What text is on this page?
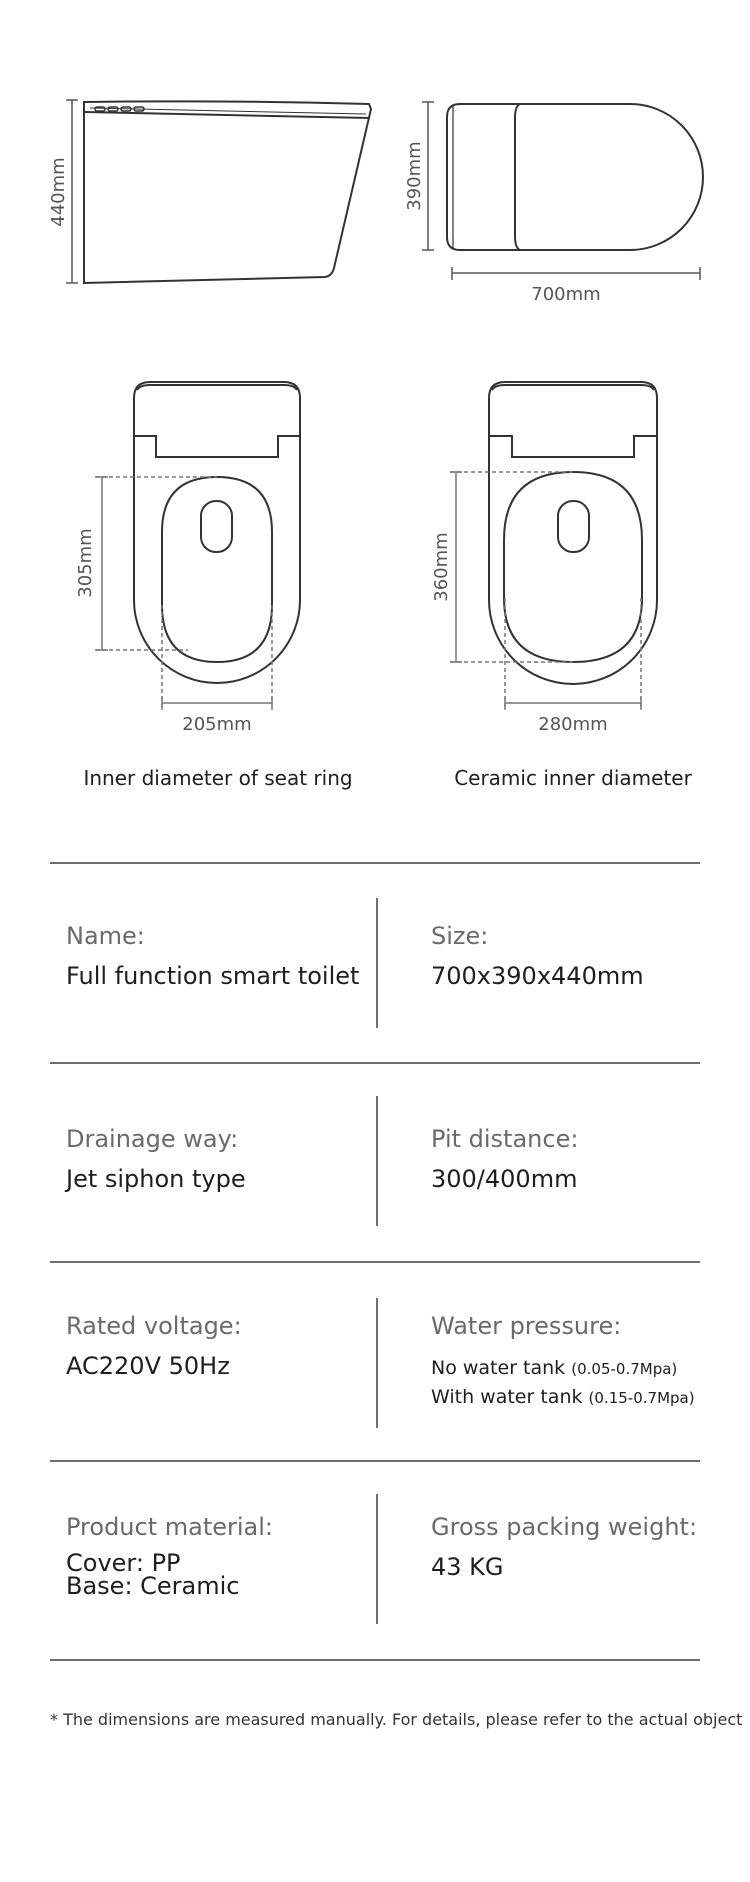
440mm	390mm
700mm
305mm
205mm
360mm
280mm
Inner diameter of seat ring	Ceramic inner diameter
Name:
Full function smart toilet
Size:
700x390x440mm
Drainage way:
Jet siphon type
Pit distance:
300/400mm
Rated voltage:
AC220V 50Hz
Water pressure:
No water tank (0.05-0.7Mpa)
With water tank (0.15-0.7Mpa)
Product material:
Cover: PP
Base: Ceramic
Gross packing weight:
43 KG
* The dimensions are measured manually. For details, please refer to the actual object
